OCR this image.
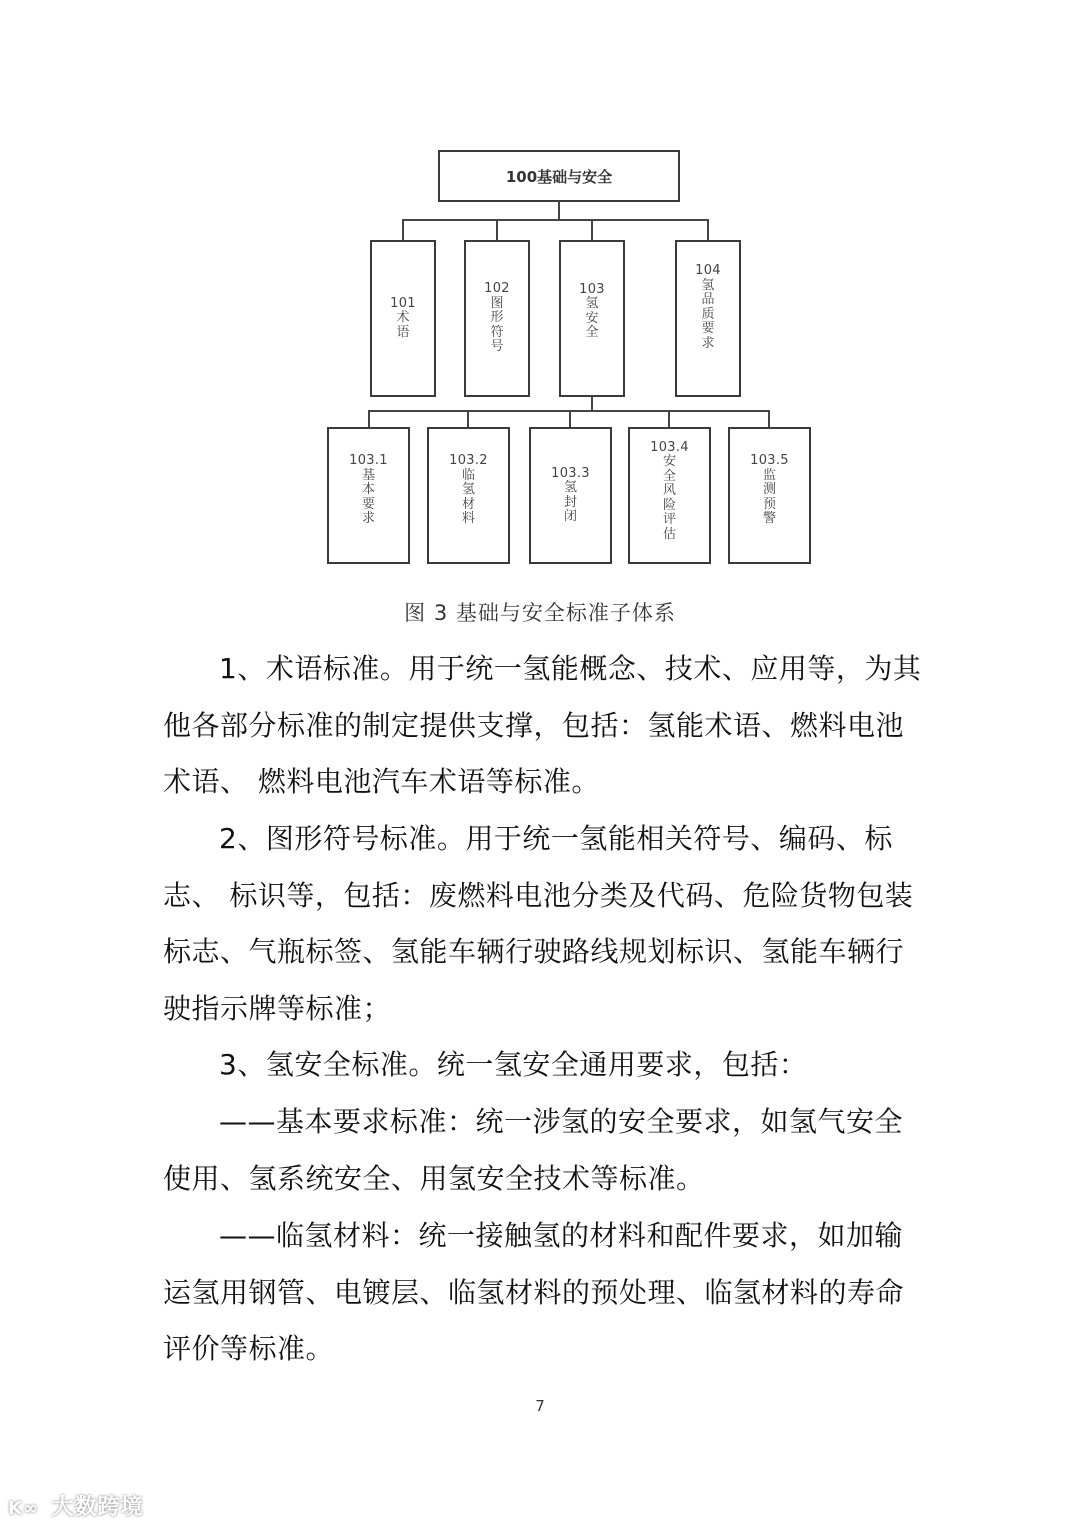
100基础与安全
101
术语
102
图形符号
103
氢安全
104
氢品质要求
103.1
基本要求
103.2
临氢材料
103.3
氢封闭
103.4
安全风险评估
103.5
监测预警
图 3 基础与安全标准子体系

1、术语标准。用于统一氢能概念、技术、应用等，为其他各部分标准的制定提供支撑，包括：氢能术语、燃料电池术语、 燃料电池汽车术语等标准。

2、图形符号标准。用于统一氢能相关符号、编码、标志、 标识等，包括：废燃料电池分类及代码、危险货物包装标志、气瓶标签、氢能车辆行驶路线规划标识、氢能车辆行驶指示牌等标准；

3、氢安全标准。统一氢安全通用要求，包括：

——基本要求标准：统一涉氢的安全要求，如氢气安全使用、氢系统安全、用氢安全技术等标准。

——临氢材料：统一接触氢的材料和配件要求，如加输运氢用钢管、电镀层、临氢材料的预处理、临氢材料的寿命评价等标准。

7
K∞ 大数跨境
